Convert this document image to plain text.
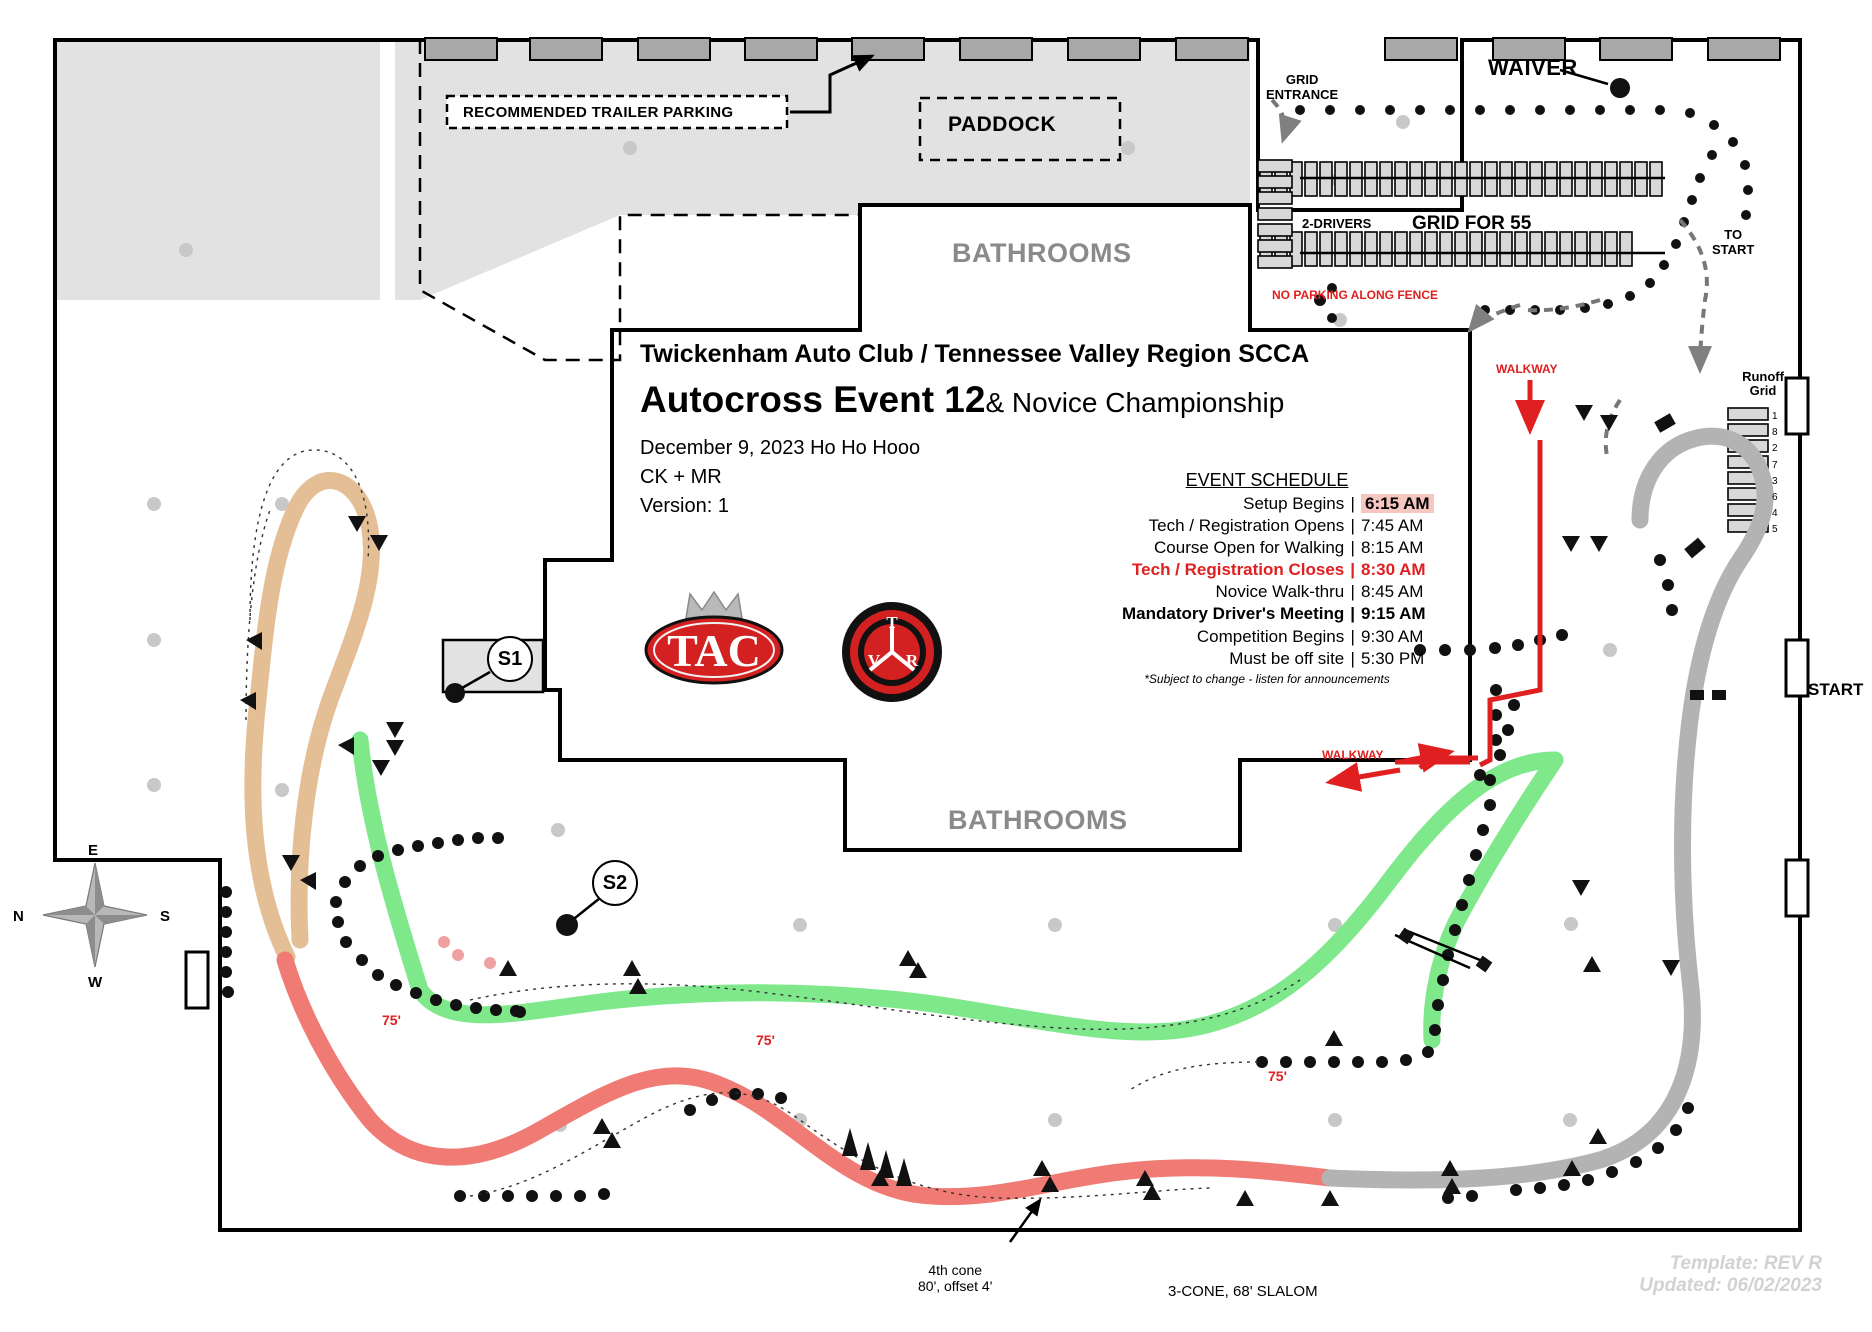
RECOMMENDED TRAILER PARKING
PADDOCK
BATHROOMS
BATHROOMS
GRID
ENTRANCE
WAIVER
2-DRIVERS GRID FOR 55
NO PARKING ALONG FENCE
TO
START
Runoff
Grid
1
8
2
7
3
6
4
5
WALKWAY
WALKWAY
START
S1
S2
75'
75'
75'
4th cone
80', offset 4'	3-CONE, 68' SLALOM
Template: REV R
Updated: 06/02/2023
E
N	S
W
Twickenham Auto Club / Tennessee Valley Region SCCA
Autocross Event 12& Novice Championship
December 9, 2023 Ho Ho Hooo
CK + MR
Version: 1
EVENT SCHEDULE
Setup Begins	|	6:15 AM
Tech / Registration Opens	|	7:45 AM
Course Open for Walking	|	8:15 AM
Tech / Registration Closes	|	8:30 AM
Novice Walk-thru	|	8:45 AM
Mandatory Driver's Meeting	|	9:15 AM
Competition Begins	|	9:30 AM
Must be off site	|	5:30 PM
*Subject to change - listen for announcements
TAC
T
V R
